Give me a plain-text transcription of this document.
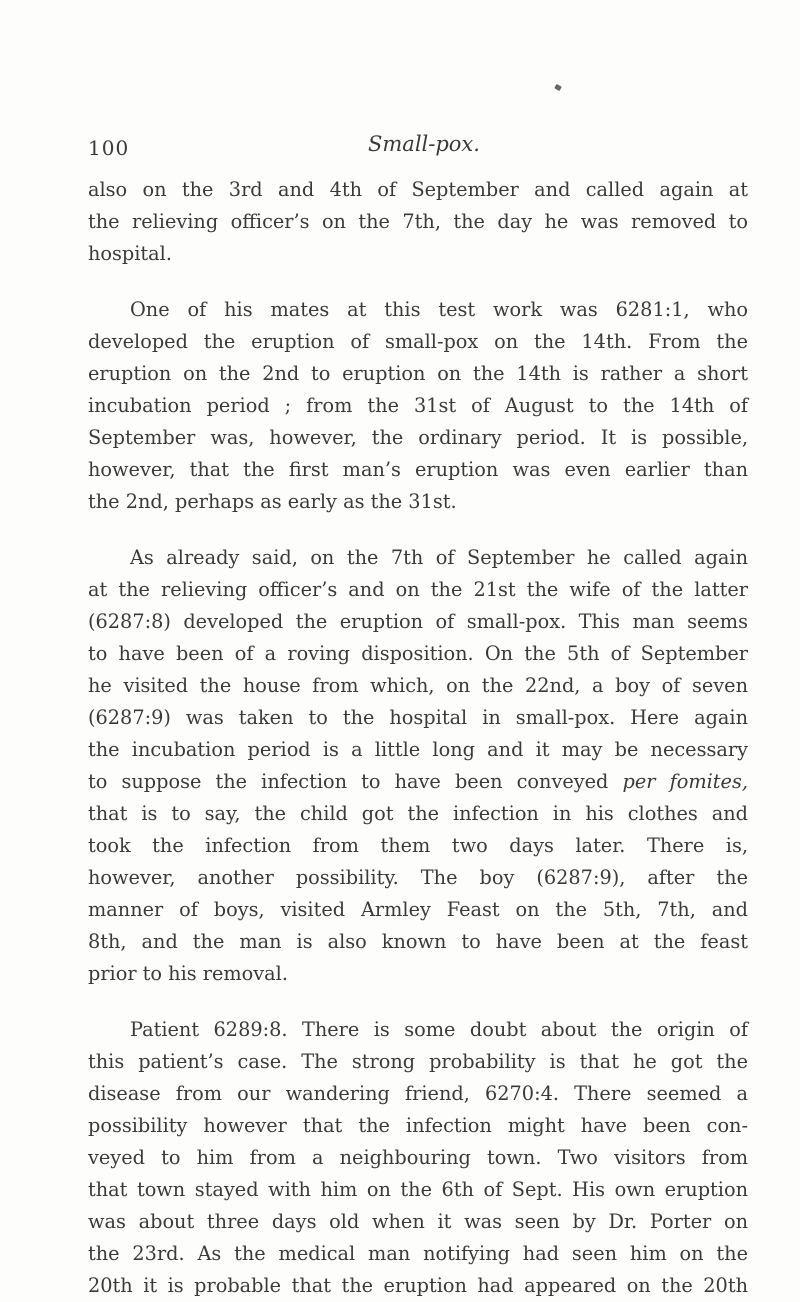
100	Small-pox.

also on the 3rd and 4th of September and called again at
the relieving officer’s on the 7th, the day he was removed to
hospital.

One of his mates at this test work was 6281:1, who
developed the eruption of small-pox on the 14th. From the
eruption on the 2nd to eruption on the 14th is rather a short
incubation period ; from the 31st of August to the 14th of
September was, however, the ordinary period. It is possible,
however, that the first man’s eruption was even earlier than
the 2nd, perhaps as early as the 31st.

As already said, on the 7th of September he called again
at the relieving officer’s and on the 21st the wife of the latter
(6287:8) developed the eruption of small-pox. This man seems
to have been of a roving disposition. On the 5th of September
he visited the house from which, on the 22nd, a boy of seven
(6287:9) was taken to the hospital in small-pox. Here again
the incubation period is a little long and it may be necessary
to suppose the infection to have been conveyed per fomites,
that is to say, the child got the infection in his clothes and
took the infection from them two days later. There is,
however, another possibility. The boy (6287:9), after the
manner of boys, visited Armley Feast on the 5th, 7th, and
8th, and the man is also known to have been at the feast
prior to his removal.

Patient 6289:8. There is some doubt about the origin of
this patient’s case. The strong probability is that he got the
disease from our wandering friend, 6270:4. There seemed a
possibility however that the infection might have been con-
veyed to him from a neighbouring town. Two visitors from
that town stayed with him on the 6th of Sept. His own eruption
was about three days old when it was seen by Dr. Porter on
the 23rd. As the medical man notifying had seen him on the
20th it is probable that the eruption had appeared on the 20th
